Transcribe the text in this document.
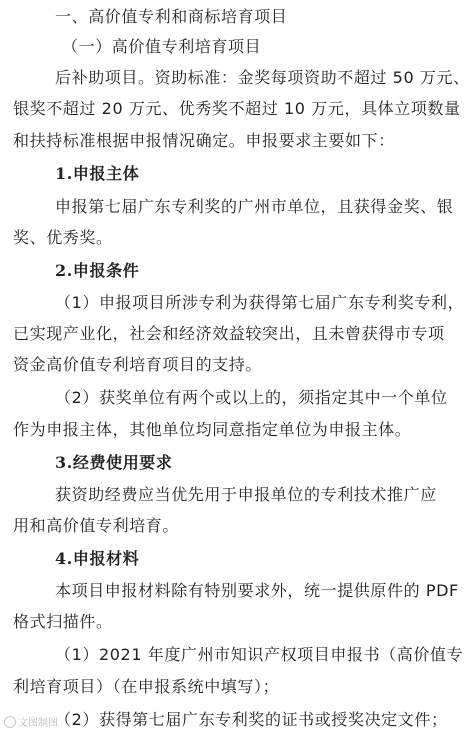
一、高价值专利和商标培育项目
（一）高价值专利培育项目
后补助项目。资助标准：金奖每项资助不超过 50 万元、
银奖不超过 20 万元、优秀奖不超过 10 万元，具体立项数量
和扶持标准根据申报情况确定。申报要求主要如下：
1.申报主体
申报第七届广东专利奖的广州市单位，且获得金奖、银
奖、优秀奖。
2.申报条件
（1）申报项目所涉专利为获得第七届广东专利奖专利，
已实现产业化，社会和经济效益较突出，且未曾获得市专项
资金高价值专利培育项目的支持。
（2）获奖单位有两个或以上的，须指定其中一个单位
作为申报主体，其他单位均同意指定单位为申报主体。
3.经费使用要求
获资助经费应当优先用于申报单位的专利技术推广应
用和高价值专利培育。
4.申报材料
本项目申报材料除有特别要求外，统一提供原件的 PDF
格式扫描件。
（1）2021 年度广州市知识产权项目申报书（高价值专
利培育项目）（在申报系统中填写）；
（2）获得第七届广东专利奖的证书或授奖决定文件；
文图制图
